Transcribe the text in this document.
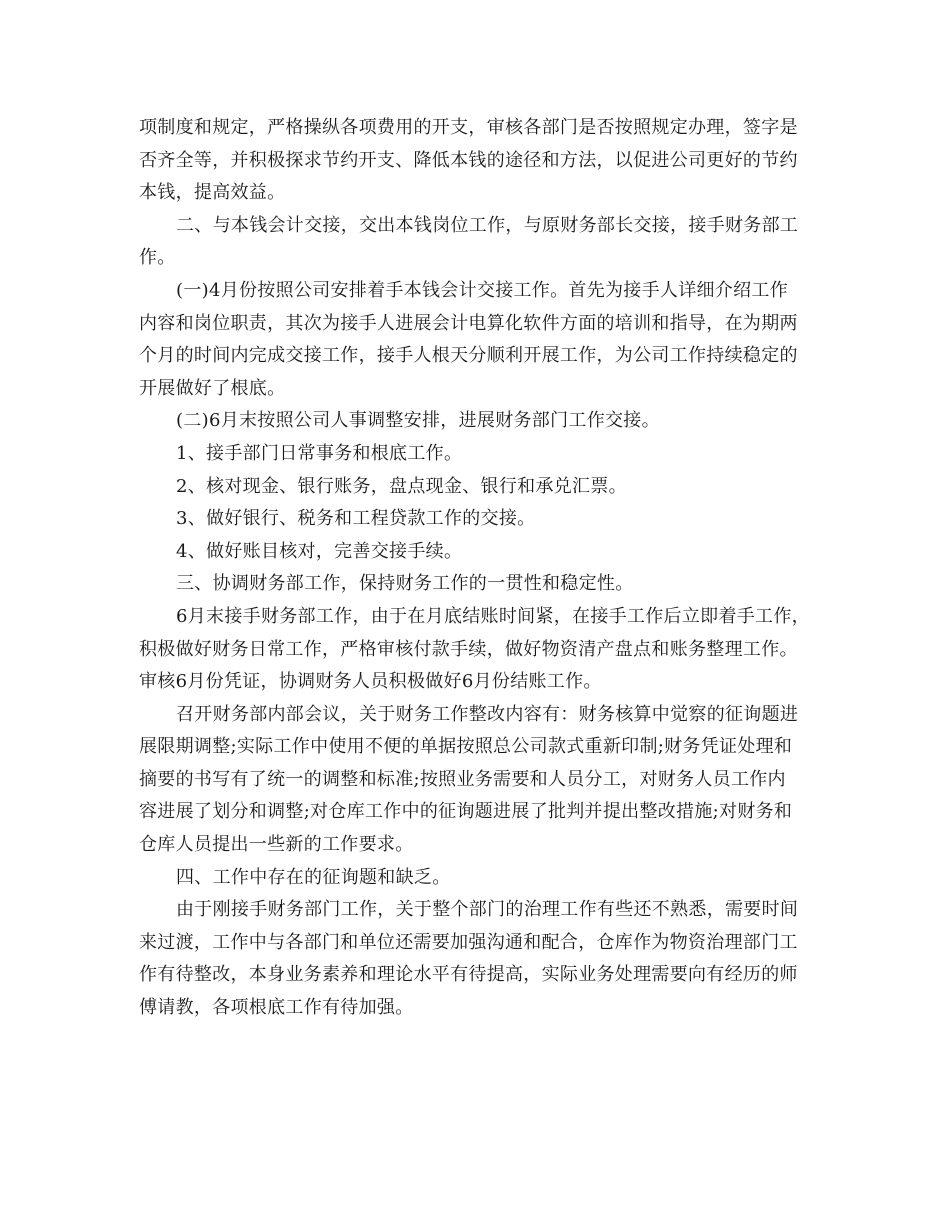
项制度和规定，严格操纵各项费用的开支，审核各部门是否按照规定办理，签字是
否齐全等，并积极探求节约开支、降低本钱的途径和方法，以促进公司更好的节约
本钱，提高效益。
二、与本钱会计交接，交出本钱岗位工作，与原财务部长交接，接手财务部工
作。
(一)4月份按照公司安排着手本钱会计交接工作。首先为接手人详细介绍工作
内容和岗位职责，其次为接手人进展会计电算化软件方面的培训和指导，在为期两
个月的时间内完成交接工作，接手人根天分顺利开展工作，为公司工作持续稳定的
开展做好了根底。
(二)6月末按照公司人事调整安排，进展财务部门工作交接。
1、接手部门日常事务和根底工作。
2、核对现金、银行账务，盘点现金、银行和承兑汇票。
3、做好银行、税务和工程贷款工作的交接。
4、做好账目核对，完善交接手续。
三、协调财务部工作，保持财务工作的一贯性和稳定性。
6月末接手财务部工作，由于在月底结账时间紧，在接手工作后立即着手工作，
积极做好财务日常工作，严格审核付款手续，做好物资清产盘点和账务整理工作。
审核6月份凭证，协调财务人员积极做好6月份结账工作。
召开财务部内部会议，关于财务工作整改内容有：财务核算中觉察的征询题进
展限期调整;实际工作中使用不便的单据按照总公司款式重新印制;财务凭证处理和
摘要的书写有了统一的调整和标准;按照业务需要和人员分工，对财务人员工作内
容进展了划分和调整;对仓库工作中的征询题进展了批判并提出整改措施;对财务和
仓库人员提出一些新的工作要求。
四、工作中存在的征询题和缺乏。
由于刚接手财务部门工作，关于整个部门的治理工作有些还不熟悉，需要时间
来过渡，工作中与各部门和单位还需要加强沟通和配合，仓库作为物资治理部门工
作有待整改，本身业务素养和理论水平有待提高，实际业务处理需要向有经历的师
傅请教，各项根底工作有待加强。
